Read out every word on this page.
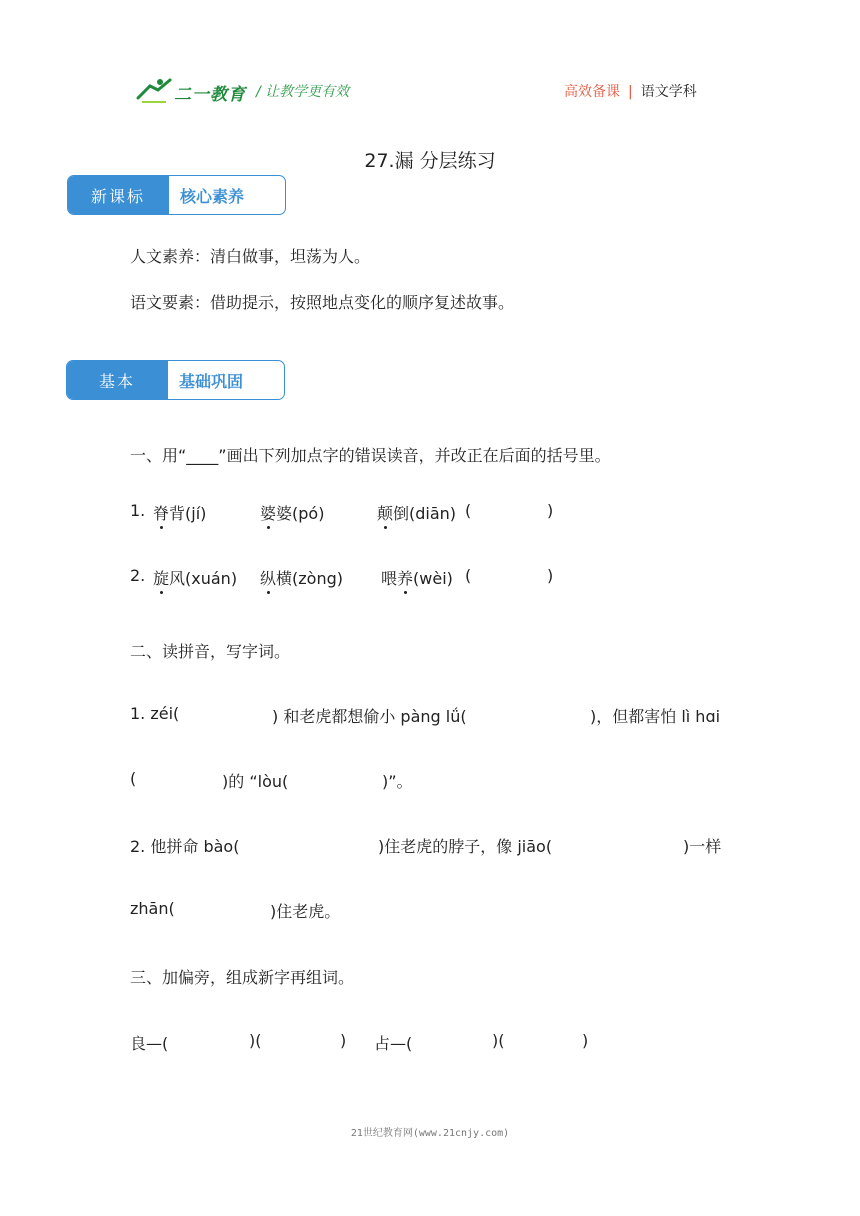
二一教育 / 让教学更有效	高效备课 | 语文学科
27.漏 分层练习
新课标	核心素养
人文素养：清白做事，坦荡为人。
语文要素：借助提示，按照地点变化的顺序复述故事。
基本	基础巩固
一、用“____”画出下列加点字的错误读音，并改正在后面的括号里。
1. 脊背(jí)	婆婆(pó)	颠倒(diān) (	)
2. 旋风(xuán) 纵横(zòng) 喂养(wèi) (	)
二、读拼音，写字词。
1. zéi(	) 和老虎都想偷小 pàng lǘ(	)，但都害怕 lì hɑi
(	)的 “lòu(	)”。
2. 他拼命 bào(	)住老虎的脖子，像 jiāo(	)一样
zhān(	)住老虎。
三、加偏旁，组成新字再组词。
良—(	)(	) 占—(	)(	)
21世纪教育网(www.21cnjy.com)
